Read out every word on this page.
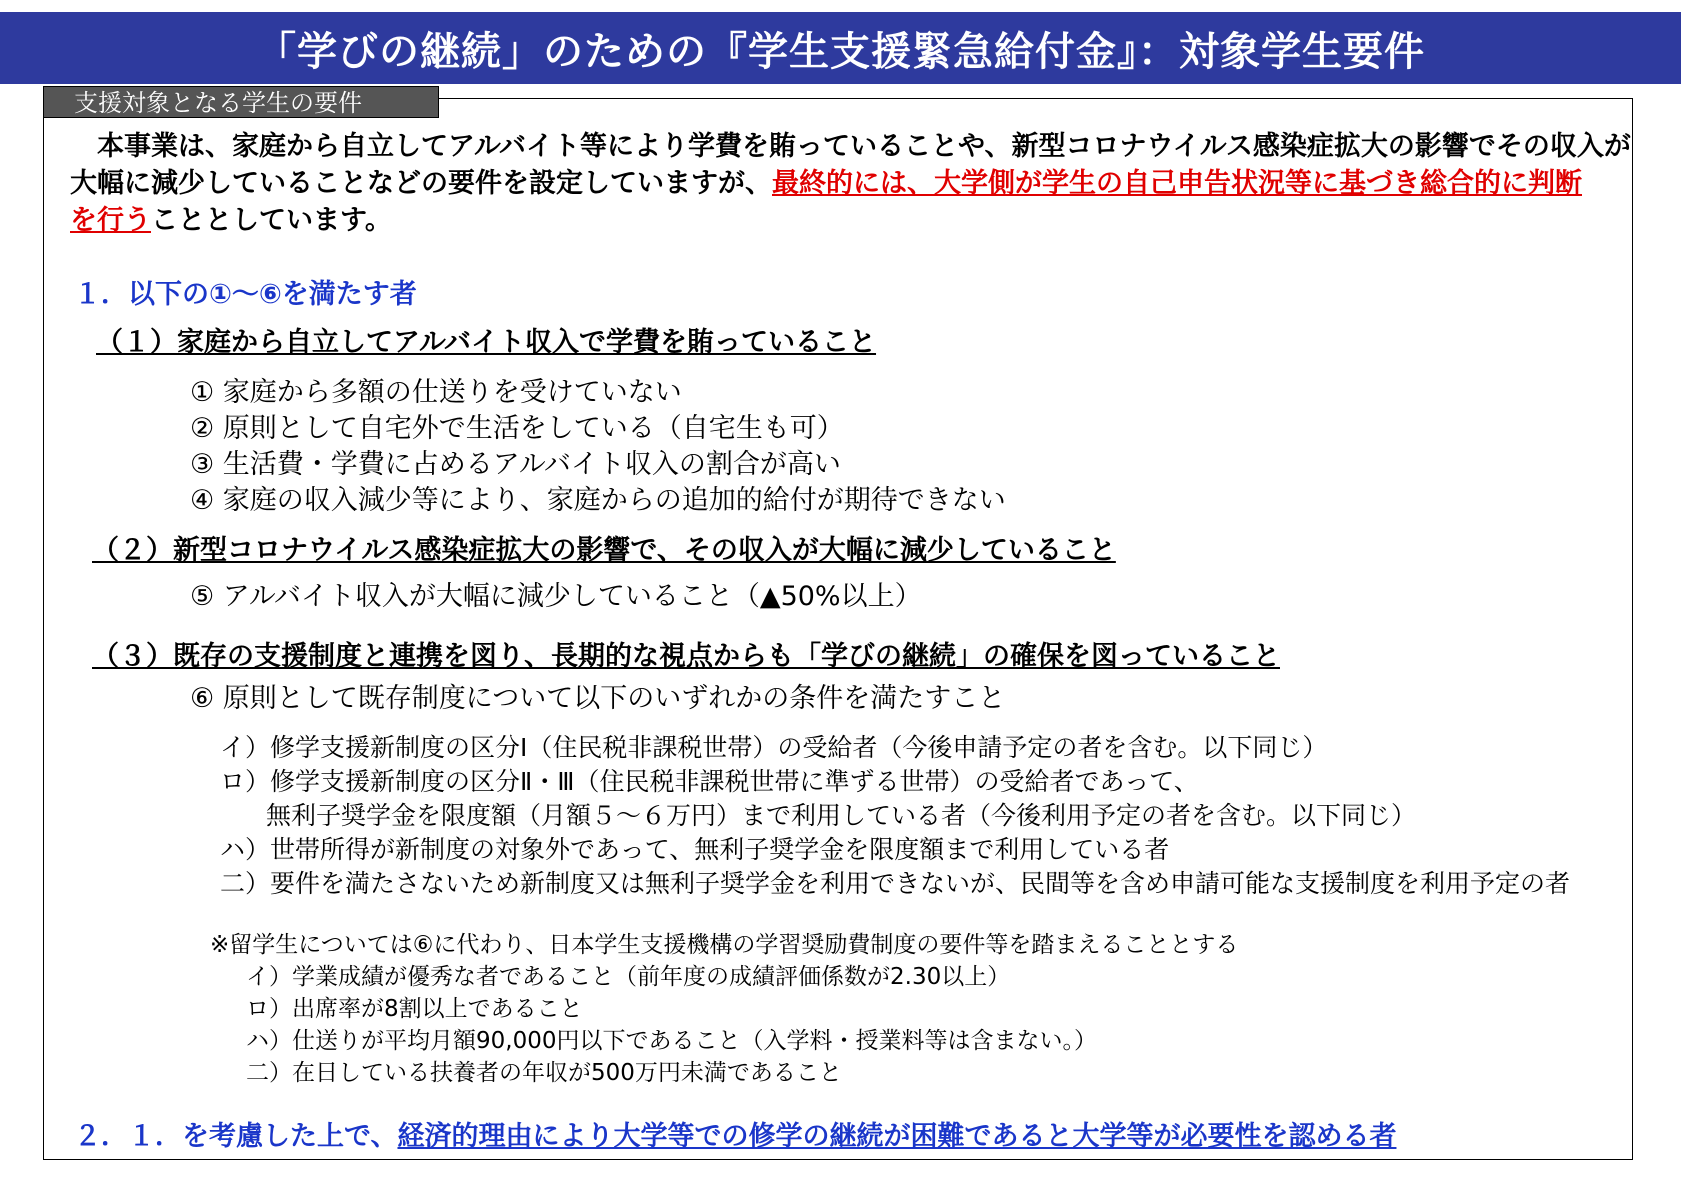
「学びの継続」のための『学生支援緊急給付金』：対象学生要件
支援対象となる学生の要件
本事業は、家庭から自立してアルバイト等により学費を賄っていることや、新型コロナウイルス感染症拡大の影響でその収入が
大幅に減少していることなどの要件を設定していますが、最終的には、大学側が学生の自己申告状況等に基づき総合的に判断
を行うこととしています。
１．以下の①～⑥を満たす者
（１）家庭から自立してアルバイト収入で学費を賄っていること
① 家庭から多額の仕送りを受けていない
② 原則として自宅外で生活をしている（自宅生も可）
③ 生活費・学費に占めるアルバイト収入の割合が高い
④ 家庭の収入減少等により、家庭からの追加的給付が期待できない
（２）新型コロナウイルス感染症拡大の影響で、その収入が大幅に減少していること
⑤ アルバイト収入が大幅に減少していること（▲50%以上）
（３）既存の支援制度と連携を図り、長期的な視点からも「学びの継続」の確保を図っていること
⑥ 原則として既存制度について以下のいずれかの条件を満たすこと
イ）修学支援新制度の区分Ⅰ（住民税非課税世帯）の受給者（今後申請予定の者を含む。以下同じ）
ロ）修学支援新制度の区分Ⅱ・Ⅲ（住民税非課税世帯に準ずる世帯）の受給者であって、
無利子奨学金を限度額（月額５～６万円）まで利用している者（今後利用予定の者を含む。以下同じ）
ハ）世帯所得が新制度の対象外であって、無利子奨学金を限度額まで利用している者
二）要件を満たさないため新制度又は無利子奨学金を利用できないが、民間等を含め申請可能な支援制度を利用予定の者
※留学生については⑥に代わり、日本学生支援機構の学習奨励費制度の要件等を踏まえることとする
イ）学業成績が優秀な者であること（前年度の成績評価係数が2.30以上）
ロ）出席率が8割以上であること
ハ）仕送りが平均月額90,000円以下であること（入学料・授業料等は含まない。）
二）在日している扶養者の年収が500万円未満であること
２．１．を考慮した上で、経済的理由により大学等での修学の継続が困難であると大学等が必要性を認める者
